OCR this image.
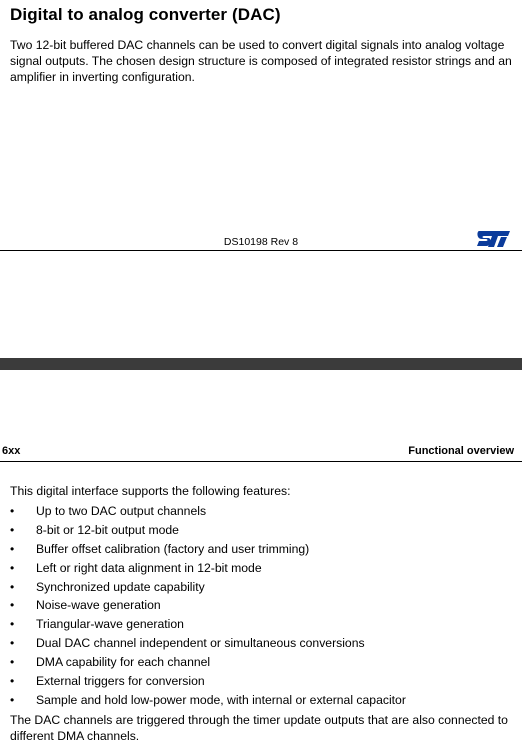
Digital to analog converter (DAC)

Two 12-bit buffered DAC channels can be used to convert digital signals into analog voltage signal outputs. The chosen design structure is composed of integrated resistor strings and an amplifier in inverting configuration.

DS10198 Rev 8
6xx	Functional overview

This digital interface supports the following features:

• Up to two DAC output channels
• 8-bit or 12-bit output mode
• Buffer offset calibration (factory and user trimming)
• Left or right data alignment in 12-bit mode
• Synchronized update capability
• Noise-wave generation
• Triangular-wave generation
• Dual DAC channel independent or simultaneous conversions
• DMA capability for each channel
• External triggers for conversion
• Sample and hold low-power mode, with internal or external capacitor

The DAC channels are triggered through the timer update outputs that are also connected to different DMA channels.
